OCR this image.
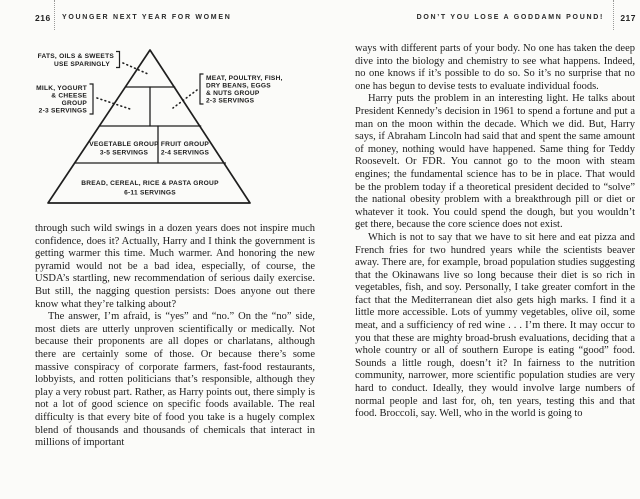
216 YOUNGER NEXT YEAR FOR WOMEN	DON’T YOU LOSE A GODDAMN POUND! 217
FATS, OILS & SWEETS
USE SPARINGLY
MILK, YOGURT
& CHEESE
GROUP
2-3 SERVINGS
MEAT, POULTRY, FISH,
DRY BEANS, EGGS
& NUTS GROUP
2-3 SERVINGS
VEGETABLE GROUP
3-5 SERVINGS
FRUIT GROUP
2-4 SERVINGS
BREAD, CEREAL, RICE & PASTA GROUP
6-11 SERVINGS

through such wild swings in a dozen years does not inspire much confidence, does it? Actually, Harry and I think the government is getting warmer this time. Much warmer. And honoring the new pyramid would not be a bad idea, especially, of course, the USDA’s startling, new recommendation of serious daily exercise. But still, the nagging question persists: Does anyone out there know what they’re talking about?

The answer, I’m afraid, is “yes” and “no.” On the “no” side, most diets are utterly unproven scientifically or medically. Not because their proponents are all dopes or charlatans, although there are certainly some of those. Or because there’s some massive conspiracy of corporate farmers, fast-food restaurants, lobbyists, and rotten politicians that’s responsible, although they play a very robust part. Rather, as Harry points out, there simply is not a lot of good science on specific foods available. The real difficulty is that every bite of food you take is a hugely complex blend of thousands and thousands of chemicals that interact in millions of important

ways with different parts of your body. No one has taken the deep dive into the biology and chemistry to see what happens. Indeed, no one knows if it’s possible to do so. So it’s no surprise that no one has begun to devise tests to evaluate individual foods.

Harry puts the problem in an interesting light. He talks about President Kennedy’s decision in 1961 to spend a fortune and put a man on the moon within the decade. Which we did. But, Harry says, if Abraham Lincoln had said that and spent the same amount of money, nothing would have happened. Same thing for Teddy Roosevelt. Or FDR. You cannot go to the moon with steam engines; the fundamental science has to be in place. That would be the problem today if a theoretical president decided to “solve” the national obesity problem with a breakthrough pill or diet or whatever it took. You could spend the dough, but you wouldn’t get there, because the core science does not exist.

Which is not to say that we have to sit here and eat pizza and French fries for two hundred years while the scientists beaver away. There are, for example, broad population studies suggesting that the Okinawans live so long because their diet is so rich in vegetables, fish, and soy. Personally, I take greater comfort in the fact that the Mediterranean diet also gets high marks. I find it a little more accessible. Lots of yummy vegetables, olive oil, some meat, and a sufficiency of red wine . . . I’m there. It may occur to you that these are mighty broad-brush evaluations, deciding that a whole country or all of southern Europe is eating “good” food. Sounds a little rough, doesn’t it? In fairness to the nutrition community, narrower, more scientific population studies are very hard to conduct. Ideally, they would involve large numbers of normal people and last for, oh, ten years, testing this and that food. Broccoli, say. Well, who in the world is going to
